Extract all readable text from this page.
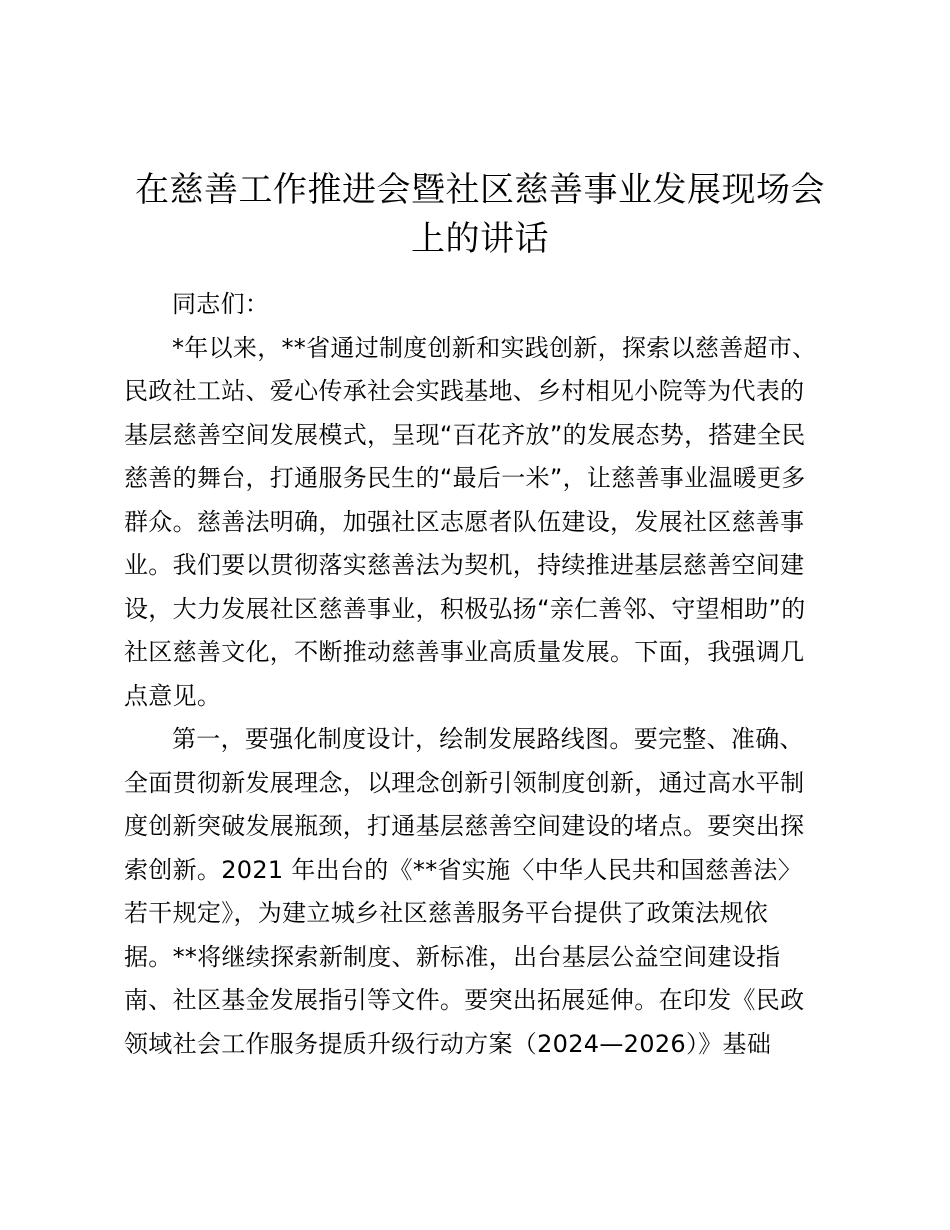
在慈善工作推进会暨社区慈善事业发展现场会
上的讲话
同志们：
*年以来，**省通过制度创新和实践创新，探索以慈善超市、
民政社工站、爱心传承社会实践基地、乡村相见小院等为代表的
基层慈善空间发展模式，呈现“百花齐放”的发展态势，搭建全民
慈善的舞台，打通服务民生的“最后一米”，让慈善事业温暖更多
群众。慈善法明确，加强社区志愿者队伍建设，发展社区慈善事
业。我们要以贯彻落实慈善法为契机，持续推进基层慈善空间建
设，大力发展社区慈善事业，积极弘扬“亲仁善邻、守望相助”的
社区慈善文化，不断推动慈善事业高质量发展。下面，我强调几
点意见。
第一，要强化制度设计，绘制发展路线图。要完整、准确、
全面贯彻新发展理念，以理念创新引领制度创新，通过高水平制
度创新突破发展瓶颈，打通基层慈善空间建设的堵点。要突出探
索创新。2021 年出台的《**省实施〈中华人民共和国慈善法〉
若干规定》，为建立城乡社区慈善服务平台提供了政策法规依
据。**将继续探索新制度、新标准，出台基层公益空间建设指
南、社区基金发展指引等文件。要突出拓展延伸。在印发《民政
领域社会工作服务提质升级行动方案（2024—2026）》基础
